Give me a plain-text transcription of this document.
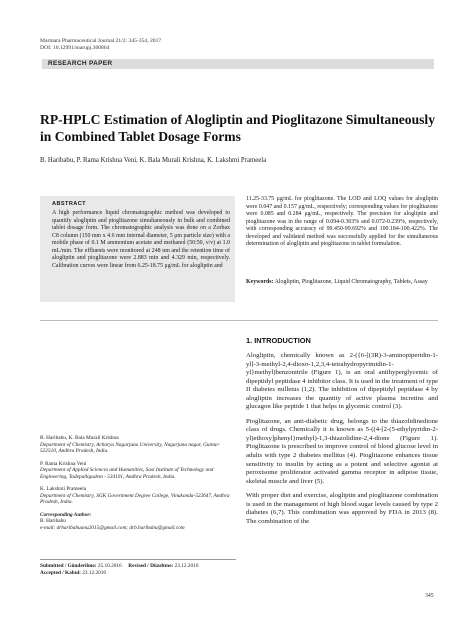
Marmara Pharmaceutical Journal 21/2: 345-354, 2017
DOI: 10.12991/marupj.300864
RESEARCH PAPER
RP-HPLC Estimation of Alogliptin and Pioglitazone Simultaneously in Combined Tablet Dosage Forms
B. Haribabu, P. Rama Krishna Veni, K. Bala Murali Krishna, K. Lakshmi Prameela
ABSTRACT
A high performance liquid chromatographic method was developed to quantify alogliptin and pioglitazone simultaneously in bulk and combined tablet dosage form. The chromatographic analysis was done on a Zorbax C8 column (150 mm x 4.6 mm internal diameter, 5 μm particle size) with a mobile phase of 0.1 M ammonium acetate and methanol (50:50, v/v) at 1.0 mL/min. The effluents were monitored at 248 nm and the retention time of alogliptin and pioglitazone were 2.883 min and 4.329 min, respectively. Calibration curves were linear from 6.25-18.75 μg/mL for alogliptin and
11.25-33.75 μg/mL for pioglitazone. The LOD and LOQ values for alogliptin were 0.047 and 0.157 μg/mL, respectively; corresponding values for pioglitazone were 0.085 and 0.284 μg/mL, respectively. The precision for alogliptin and pioglitazone was in the range of 0.094-0.303% and 0.072-0.239%, respectively, with corresponding accuracy of 99.450-99.692% and 100.184-100.422%. The developed and validated method was successfully applied for the simultaneous determination of alogliptin and pioglitazone in tablet formulation.
Keywords: Alogliptin, Pioglitazone, Liquid Chromatography, Tablets, Assay

B. Haribabu, K. Bala Murali Krishna
Department of Chemistry, Acharya Nagarjuna University, Nagarjuna nagar, Guntur-522510, Andhra Pradesh, India.

P. Rama Krishna Veni
Department of Applied Sciences and Humanities, Sasi Institute of Technology and Engineering, Tadepalligudem - 534101, Andhra Pradesh, India.

K. Lakshmi Prameela
Department of Chemistry, SGK Government Degree College, Vinukonda-522647, Andhra Pradesh, India.

Corresponding Author:
B. Haribabu
e-mail: drharibabuanu2015@gmail.com; drb.haribabu@gmail.com

Submitted / Gönderilme: 25.10.2016 Revised / Düzeltme: 23.12.2016
Accepted / Kabul: 23.12.2016
1. INTRODUCTION

Alogliptin, chemically known as 2-({6-[(3R)-3-aminopiperidin-1-yl]-3-methyl-2,4-dioxo-1,2,3,4-tetrahydropyrimidin-1-yl}methyl)benzonitrile (Figure 1), is an oral antihyperglycemic of dipeptidyl peptidase 4 inhibitor class. It is used in the treatment of type II diabetes milletus (1,2). The inhibition of dipeptidyl peptidase 4 by alogliptin increases the quantity of active plasma incretins and glucagon like peptide 1 that helps in glycemic control (3).

Pioglitazone, an anti-diabetic drug, belongs to the thiazolidinedione class of drugs. Chemically it is known as 5-((4-[2-(5-ethylpyridin-2-yl)ethoxy]phenyl}methyl)-1,3-thiazolidine-2,4-dione (Figure 1). Pioglitazone is prescribed to improve control of blood glucose level in adults with type 2 diabetes mellitus (4). Pioglitazone enhances tissue sensitivity to insulin by acting as a potent and selective agonist at peroxisome proliferator activated gamma receptor in adipose tissue, skeletal muscle and liver (5).

With proper diet and exercise, alogliptin and pioglitazone combination is used in the management of high blood sugar levels caused by type 2 diabetes (6,7). This combination was approved by FDA in 2013 (8). The combination of the

345
